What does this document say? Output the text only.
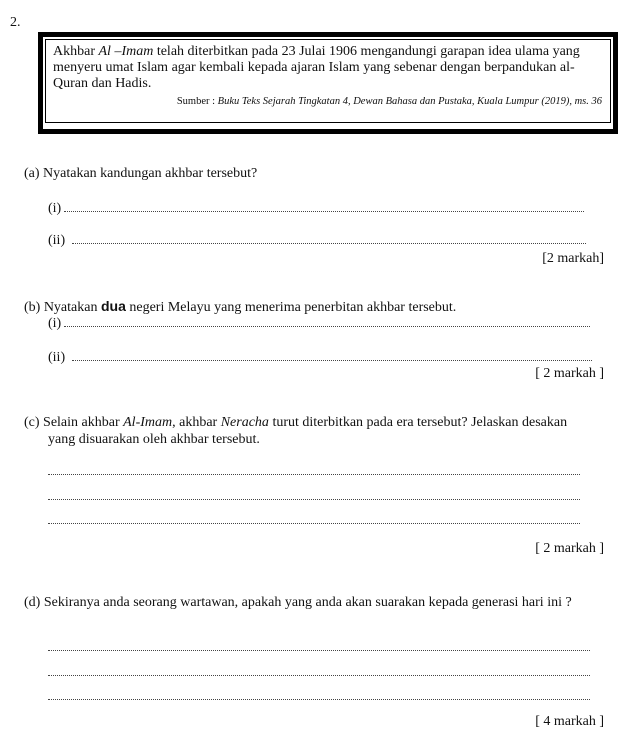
2.
Akhbar Al –Imam telah diterbitkan pada 23 Julai 1906 mengandungi garapan idea ulama yang menyeru umat Islam agar kembali kepada ajaran Islam yang sebenar dengan berpandukan al-Quran dan Hadis.
Sumber : Buku Teks Sejarah Tingkatan 4, Dewan Bahasa dan Pustaka, Kuala Lumpur (2019), ms. 36
(a) Nyatakan kandungan akhbar tersebut?
(i)
(ii)
[2 markah]
(b) Nyatakan dua negeri Melayu yang menerima penerbitan akhbar tersebut.
(i)
(ii)
[ 2 markah ]
(c) Selain akhbar Al-Imam, akhbar Neracha turut diterbitkan pada era tersebut? Jelaskan desakan
yang disuarakan oleh akhbar tersebut.
[ 2 markah ]
(d) Sekiranya anda seorang wartawan, apakah yang anda akan suarakan kepada generasi hari ini ?
[ 4 markah ]
